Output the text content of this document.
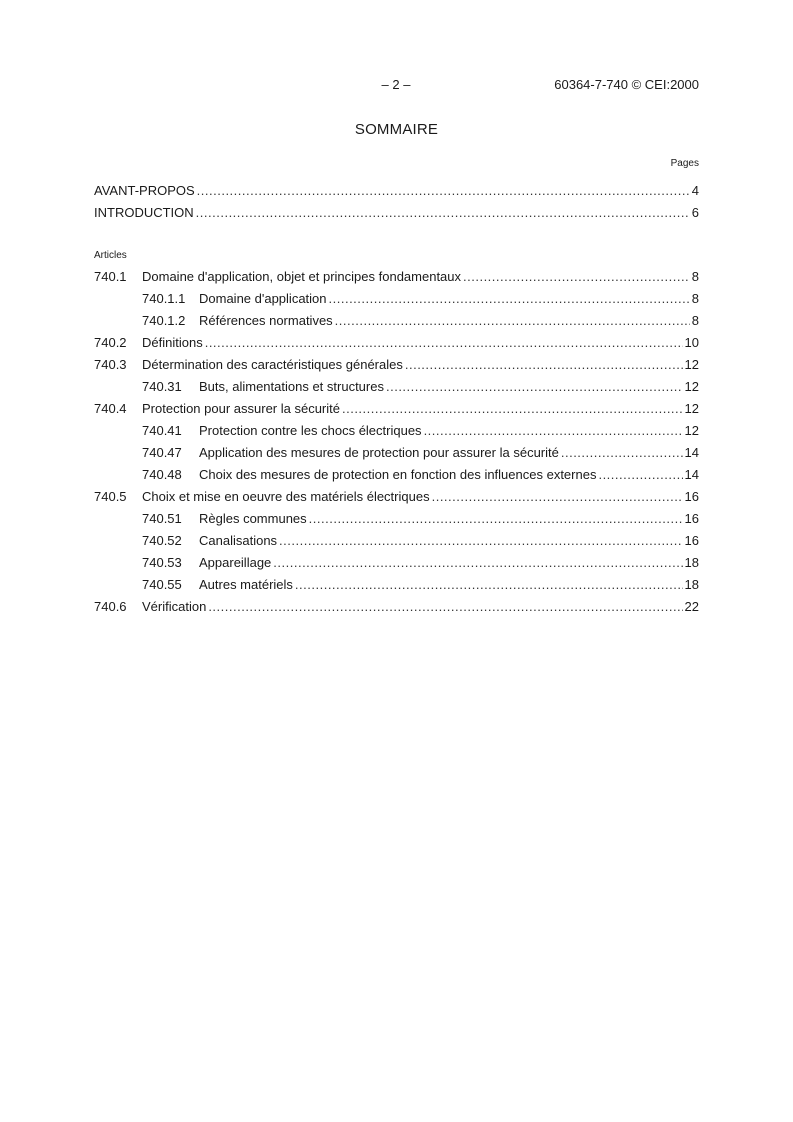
– 2 –	60364-7-740 © CEI:2000
SOMMAIRE
Pages
AVANT-PROPOS .....	4
INTRODUCTION .....	6
Articles
740.1	Domaine d'application, objet et principes fondamentaux .....	8
740.1.1	Domaine d'application .....	8
740.1.2	Références normatives .....	8
740.2	Définitions .....	10
740.3	Détermination des caractéristiques générales .....	12
740.31	Buts, alimentations et structures .....	12
740.4	Protection pour assurer la sécurité .....	12
740.41	Protection contre les chocs électriques .....	12
740.47	Application des mesures de protection pour assurer la sécurité .....	14
740.48	Choix des mesures de protection en fonction des influences externes .....	14
740.5	Choix et mise en oeuvre des matériels électriques .....	16
740.51	Règles communes .....	16
740.52	Canalisations .....	16
740.53	Appareillage .....	18
740.55	Autres matériels .....	18
740.6	Vérification .....	22
